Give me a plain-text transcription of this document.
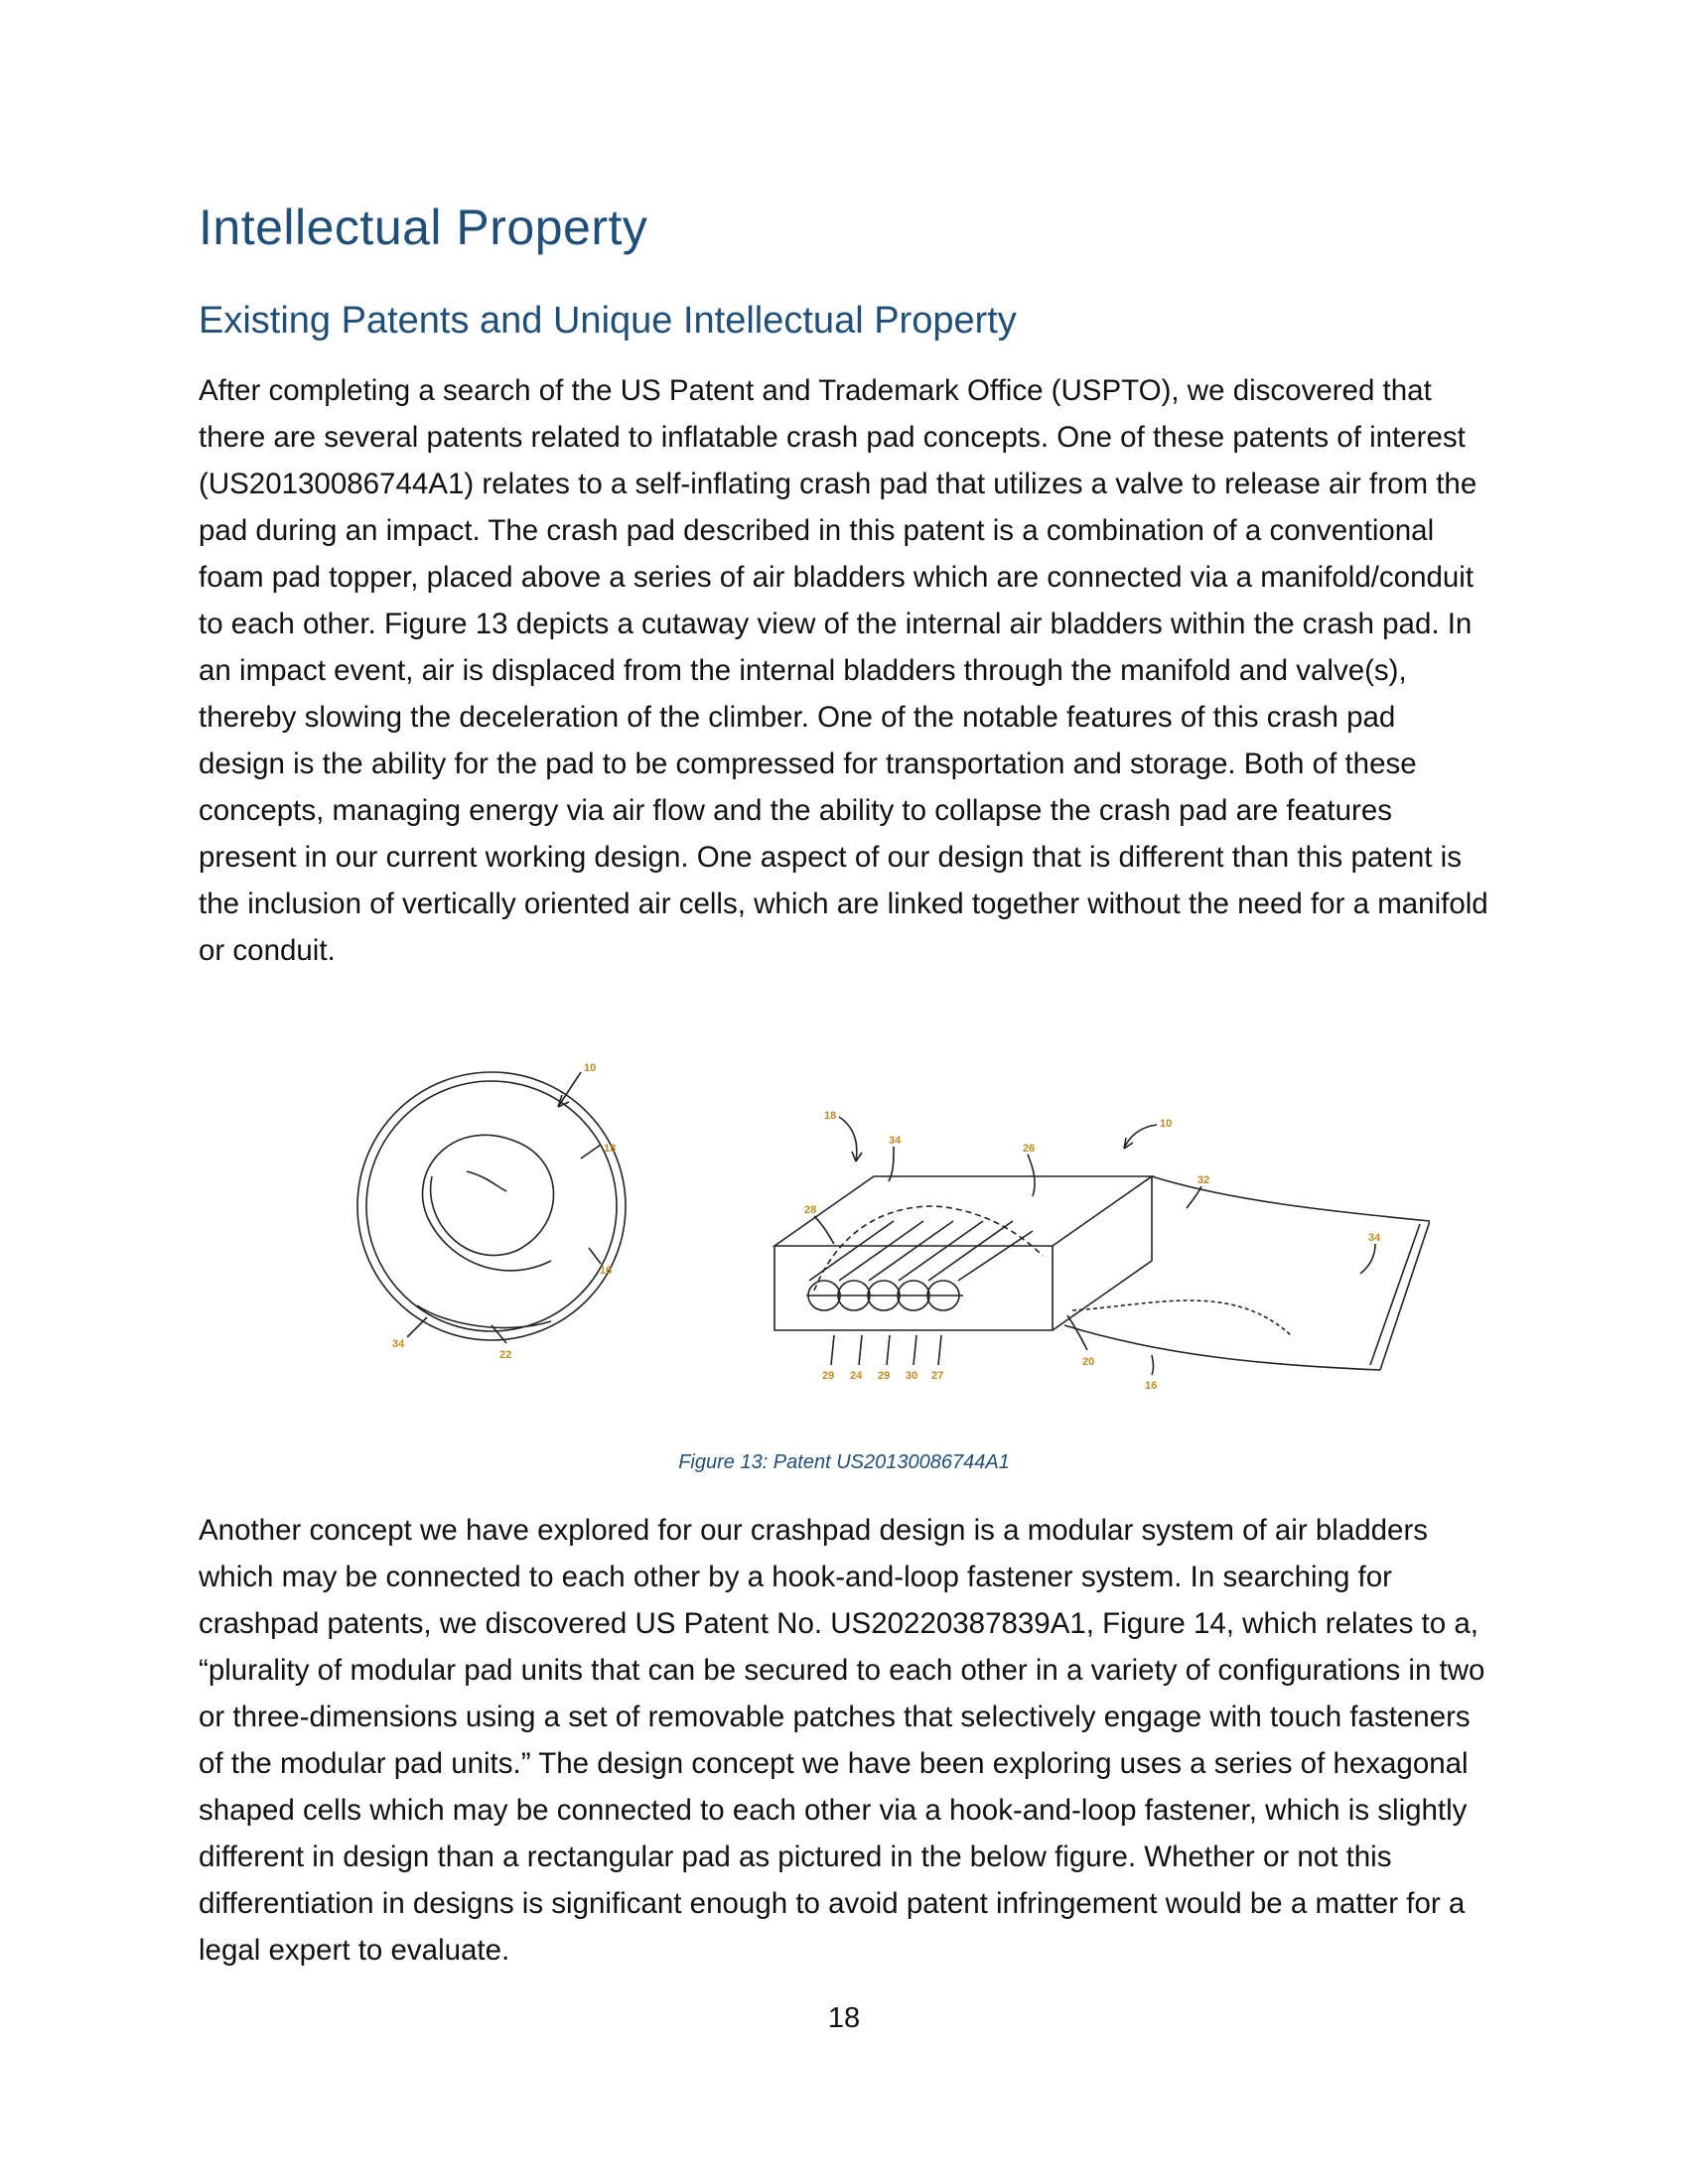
Intellectual Property
Existing Patents and Unique Intellectual Property

After completing a search of the US Patent and Trademark Office (USPTO), we discovered that there are several patents related to inflatable crash pad concepts. One of these patents of interest (US20130086744A1) relates to a self-inflating crash pad that utilizes a valve to release air from the pad during an impact. The crash pad described in this patent is a combination of a conventional foam pad topper, placed above a series of air bladders which are connected via a manifold/conduit to each other. Figure 13 depicts a cutaway view of the internal air bladders within the crash pad. In an impact event, air is displaced from the internal bladders through the manifold and valve(s), thereby slowing the deceleration of the climber. One of the notable features of this crash pad design is the ability for the pad to be compressed for transportation and storage. Both of these concepts, managing energy via air flow and the ability to collapse the crash pad are features present in our current working design. One aspect of our design that is different than this patent is the inclusion of vertically oriented air cells, which are linked together without the need for a manifold or conduit.

10
13
16
34
22
18
34
26
10
32
34
28
29 24 29 30 27
20
16
Figure 13: Patent US20130086744A1

Another concept we have explored for our crashpad design is a modular system of air bladders which may be connected to each other by a hook-and-loop fastener system. In searching for crashpad patents, we discovered US Patent No. US20220387839A1, Figure 14, which relates to a, “plurality of modular pad units that can be secured to each other in a variety of configurations in two or three-dimensions using a set of removable patches that selectively engage with touch fasteners of the modular pad units.” The design concept we have been exploring uses a series of hexagonal shaped cells which may be connected to each other via a hook-and-loop fastener, which is slightly different in design than a rectangular pad as pictured in the below figure. Whether or not this differentiation in designs is significant enough to avoid patent infringement would be a matter for a legal expert to evaluate.

18
